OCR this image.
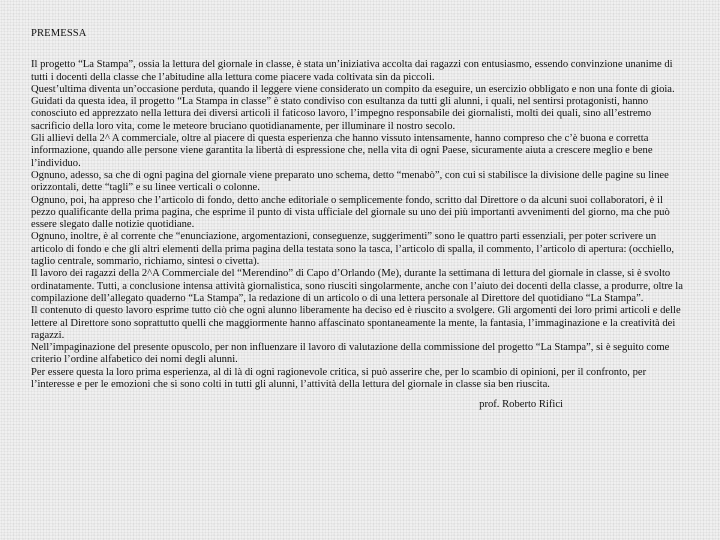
PREMESSA

Il progetto “La Stampa”, ossia la lettura del giornale in classe, è stata un’iniziativa accolta dai ragazzi con entusiasmo, essendo convinzione unanime di tutti i docenti della classe che l’abitudine alla lettura come piacere vada coltivata sin da piccoli.

Quest’ultima diventa un’occasione perduta, quando il leggere viene considerato un compito da eseguire, un esercizio obbligato e non una fonte di gioia.

Guidati da questa idea, il progetto “La Stampa in classe” è stato condiviso con esultanza da tutti gli alunni, i quali, nel sentirsi protagonisti, hanno conosciuto ed apprezzato nella lettura dei diversi articoli il faticoso lavoro, l’impegno responsabile dei giornalisti, molti dei quali, sino all’estremo sacrificio della loro vita, come le meteore bruciano quotidianamente, per illuminare il nostro secolo.

Gli allievi della 2^ A commerciale, oltre al piacere di questa esperienza che hanno vissuto intensamente, hanno compreso che c’è buona e corretta informazione, quando alle persone viene garantita la libertà di espressione che, nella vita di ogni Paese, sicuramente aiuta a crescere meglio e bene l’individuo.

Ognuno, adesso, sa che di ogni pagina del giornale viene preparato uno schema, detto “menabò”, con cui si stabilisce la divisione delle pagine su linee orizzontali, dette “tagli” e su linee verticali o colonne.

Ognuno, poi, ha appreso che l’articolo di fondo, detto anche editoriale o semplicemente fondo, scritto dal Direttore o da alcuni suoi collaboratori, è il pezzo qualificante della prima pagina, che esprime il punto di vista ufficiale del giornale su uno dei più importanti avvenimenti del giorno, ma che può essere slegato dalle notizie quotidiane.

Ognuno, inoltre, è al corrente che “enunciazione, argomentazioni, conseguenze, suggerimenti” sono le quattro parti essenziali, per poter scrivere un articolo di fondo e che gli altri elementi della prima pagina della testata sono la tasca, l’articolo di spalla, il commento, l’articolo di apertura: (occhiello, taglio centrale, sommario, richiamo, sintesi o civetta).

Il lavoro dei ragazzi della 2^A Commerciale del “Merendino” di Capo d’Orlando (Me), durante la settimana di lettura del giornale in classe, si è svolto ordinatamente. Tutti, a conclusione intensa attività giornalistica, sono riusciti singolarmente, anche con l’aiuto dei docenti della classe, a produrre, oltre la compilazione dell’allegato quaderno “La Stampa”, la redazione di un articolo o di una lettera personale al Direttore del quotidiano “La Stampa”.

Il contenuto di questo lavoro esprime tutto ciò che ogni alunno liberamente ha deciso ed è riuscito a svolgere. Gli argomenti dei loro primi articoli e delle lettere al Direttore sono soprattutto quelli che maggiormente hanno affascinato spontaneamente la mente, la fantasia, l’immaginazione e la creatività dei ragazzi.

Nell’impaginazione del presente opuscolo, per non influenzare il lavoro di valutazione della commissione del progetto “La Stampa”, si è seguito come criterio l’ordine alfabetico dei nomi degli alunni.

Per essere questa la loro prima esperienza, al di là di ogni ragionevole critica, si può asserire che, per lo scambio di opinioni, per il confronto, per l’interesse e per le emozioni che si sono colti in tutti gli alunni, l’attività della lettura del giornale in classe sia ben riuscita.

prof. Roberto Rifici
